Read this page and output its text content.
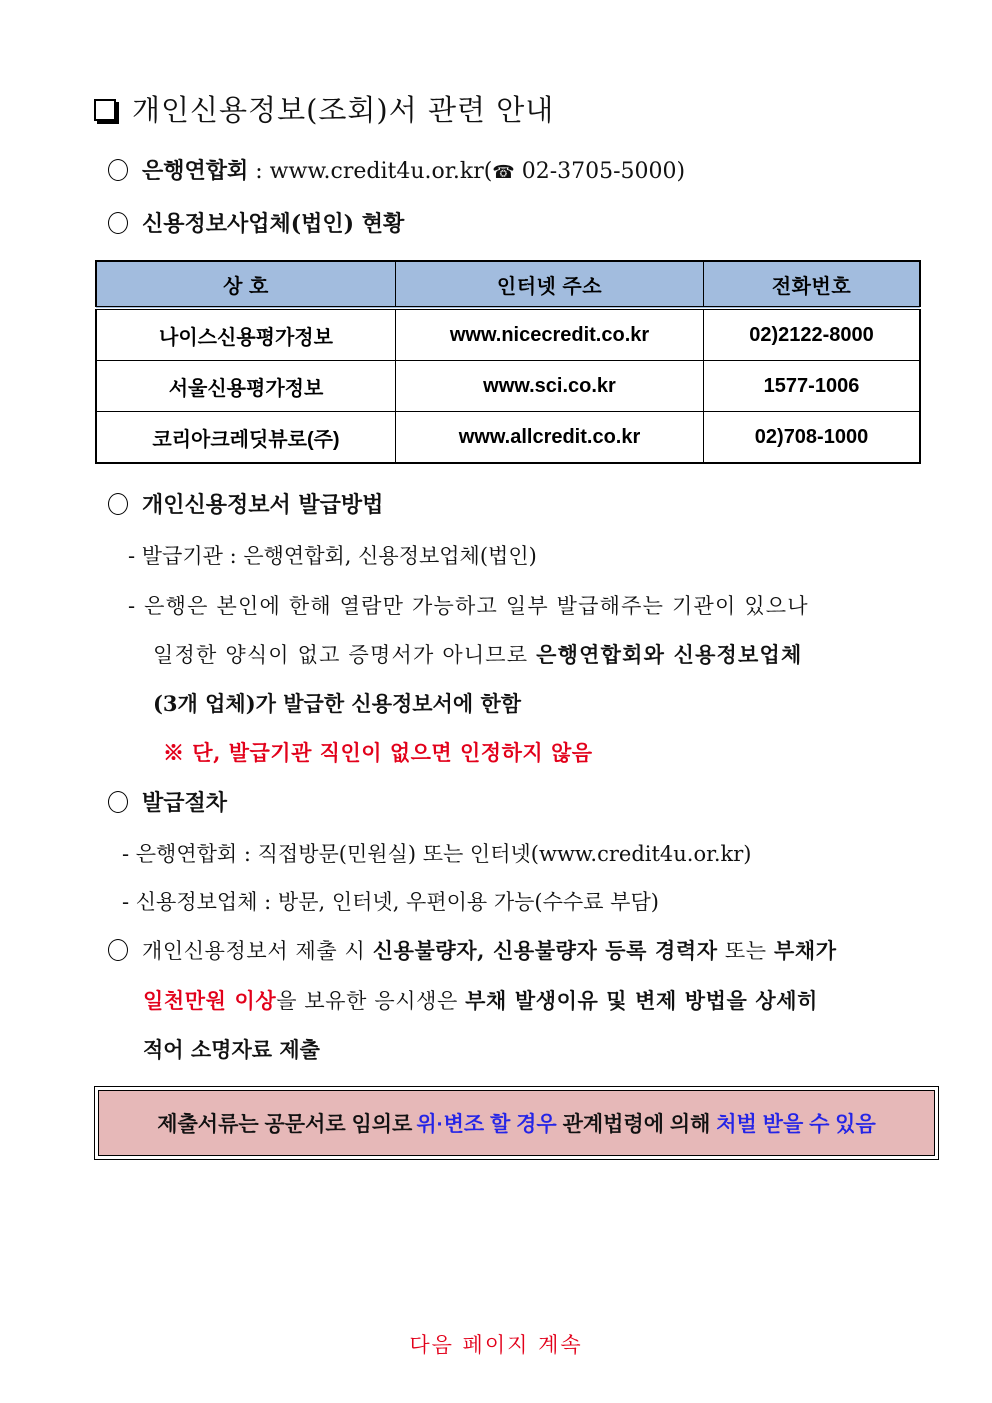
개인신용정보(조회)서 관련 안내
은행연합회 : www.credit4u.or.kr(☎ 02-3705-5000)
신용정보사업체(법인) 현황
상 호	인터넷 주소	전화번호
나이스신용평가정보	www.nicecredit.co.kr	02)2122-8000
서울신용평가정보	www.sci.co.kr	1577-1006
코리아크레딧뷰로(주)	www.allcredit.co.kr	02)708-1000
개인신용정보서 발급방법
- 발급기관 : 은행연합회, 신용정보업체(법인)
- 은행은 본인에 한해 열람만 가능하고 일부 발급해주는 기관이 있으나
일정한 양식이 없고 증명서가 아니므로 은행연합회와 신용정보업체
(3개 업체)가 발급한 신용정보서에 한함
※ 단, 발급기관 직인이 없으면 인정하지 않음
발급절차
- 은행연합회 : 직접방문(민원실) 또는 인터넷(www.credit4u.or.kr)
- 신용정보업체 : 방문, 인터넷, 우편이용 가능(수수료 부담)
개인신용정보서 제출 시 신용불량자, 신용불량자 등록 경력자 또는 부채가
일천만원 이상을 보유한 응시생은 부채 발생이유 및 변제 방법을 상세히
적어 소명자료 제출
제출서류는 공문서로 임의로 위·변조 할 경우 관계법령에 의해 처벌 받을 수 있음
다음 페이지 계속
